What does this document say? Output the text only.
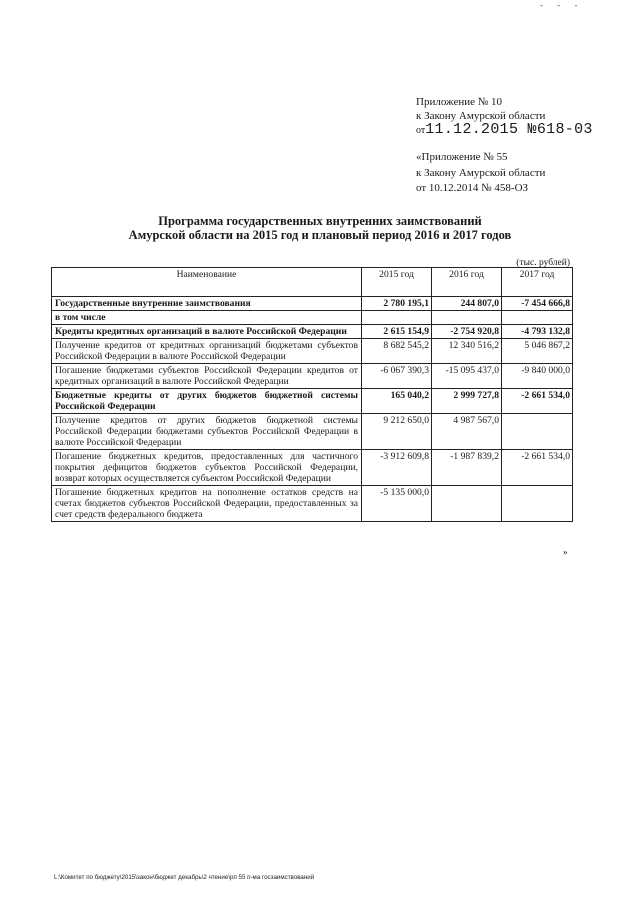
- - -
Приложение № 10
к Закону Амурской области
от11.12.2015 №618-03
«Приложение № 55
к Закону Амурской области
от 10.12.2014 № 458-ОЗ
Программа государственных внутренних заимствований
Амурской области на 2015 год и плановый период 2016 и 2017 годов
(тыс. рублей)
Наименование	2015 год	2016 год	2017 год
Государственные внутренние заимствования	2 780 195,1	244 807,0	-7 454 666,8
в том числе			
Кредиты кредитных организаций в валюте Российской Федерации	2 615 154,9	-2 754 920,8	-4 793 132,8
Получение кредитов от кредитных организаций бюджетами субъектов Российской Федерации в валюте Российской Федерации	8 682 545,2	12 340 516,2	5 046 867,2
Погашение бюджетами субъектов Российской Федерации кредитов от кредитных организаций в валюте Российской Федерации	-6 067 390,3	-15 095 437,0	-9 840 000,0
Бюджетные кредиты от других бюджетов бюджетной системы Российской Федерации	165 040,2	2 999 727,8	-2 661 534,0
Получение кредитов от других бюджетов бюджетной системы Российской Федерации бюджетами субъектов Российской Федерации в валюте Российской Федерации	9 212 650,0	4 987 567,0	
Погашение бюджетных кредитов, предоставленных для частичного покрытия дефицитов бюджетов субъектов Российской Федерации, возврат которых осуществляется субъектом Российской Федерации	-3 912 609,8	-1 987 839,2	-2 661 534,0
Погашение бюджетных кредитов на пополнение остатков средств на счетах бюджетов субъектов Российской Федерации, предоставленных за счет средств федерального бюджета	-5 135 000,0		
»
L:\Комитет по бюджету\2015\закон\бюджет декабрь\2 чтение\рп 55 п-ма госзаимствований
